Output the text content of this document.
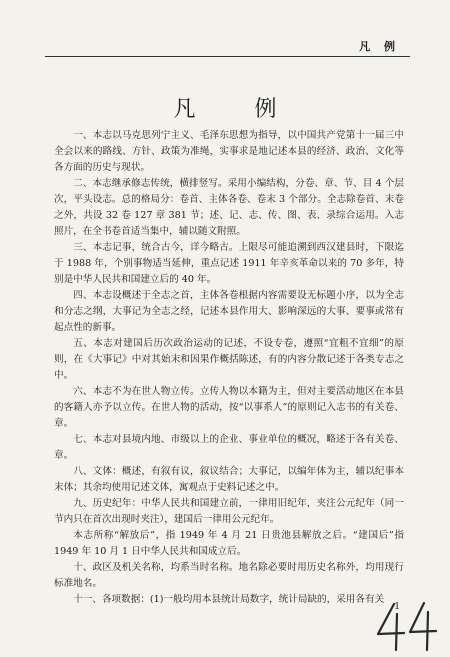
凡 例
凡 例

一、本志以马克思列宁主义、毛泽东思想为指导，以中国共产党第十一届三中全会以来的路线、方针、政策为准绳，实事求是地记述本县的经济、政治、文化等各方面的历史与现状。

二、本志继承修志传统，横排竖写。采用小编结构，分卷、章、节、目 4 个层次，平头设志。总的格局分：卷首、主体各卷、卷末 3 个部分。全志除卷首、末卷之外，共设 32 卷 127 章 381 节；述、记、志、传、图、表、录综合运用。入志照片，在全书卷首适当集中，辅以随文附照。

三、本志记事，统合古今，详今略古。上限尽可能追溯到西汉建县时，下限迄于 1988 年，个别事物适当延伸，重点记述 1911 年辛亥革命以来的 70 多年，特别是中华人民共和国建立后的 40 年。

四、本志设概述于全志之首，主体各卷根据内容需要设无标题小序，以为全志和分志之纲，大事记为全志之经，记述本县作用大、影响深远的大事、要事或常有起点性的新事。

五、本志对建国后历次政治运动的记述，不设专卷，遵照“宜粗不宜细”的原则，在《大事记》中对其始末和因果作概括陈述，有的内容分散记述于各类专志之中。

六、本志不为在世人物立传。立传人物以本籍为主，但对主要活动地区在本县的客籍人亦予以立传。在世人物的活动，按“以事系人”的原则记入志书的有关卷、章。

七、本志对县境内地、市级以上的企业、事业单位的概况，略述于各有关卷、章。

八、文体：概述，有叙有议，叙议结合；大事记，以编年体为主，辅以纪事本末体；其余均使用记述文体，寓观点于史料记述之中。

九、历史纪年：中华人民共和国建立前，一律用旧纪年，夹注公元纪年（同一节内只在首次出现时夹注），建国后一律用公元纪年。

本志所称“解放后”，指 1949 年 4 月 21 日贵池县解放之后。“建国后”指 1949 年 10 月 1 日中华人民共和国成立后。

十、政区及机关名称，均系当时名称。地名除必要时用历史名称外，均用现行标准地名。

十一、各项数据：(1)一般均用本县统计局数字，统计局缺的，采用各有关

1
